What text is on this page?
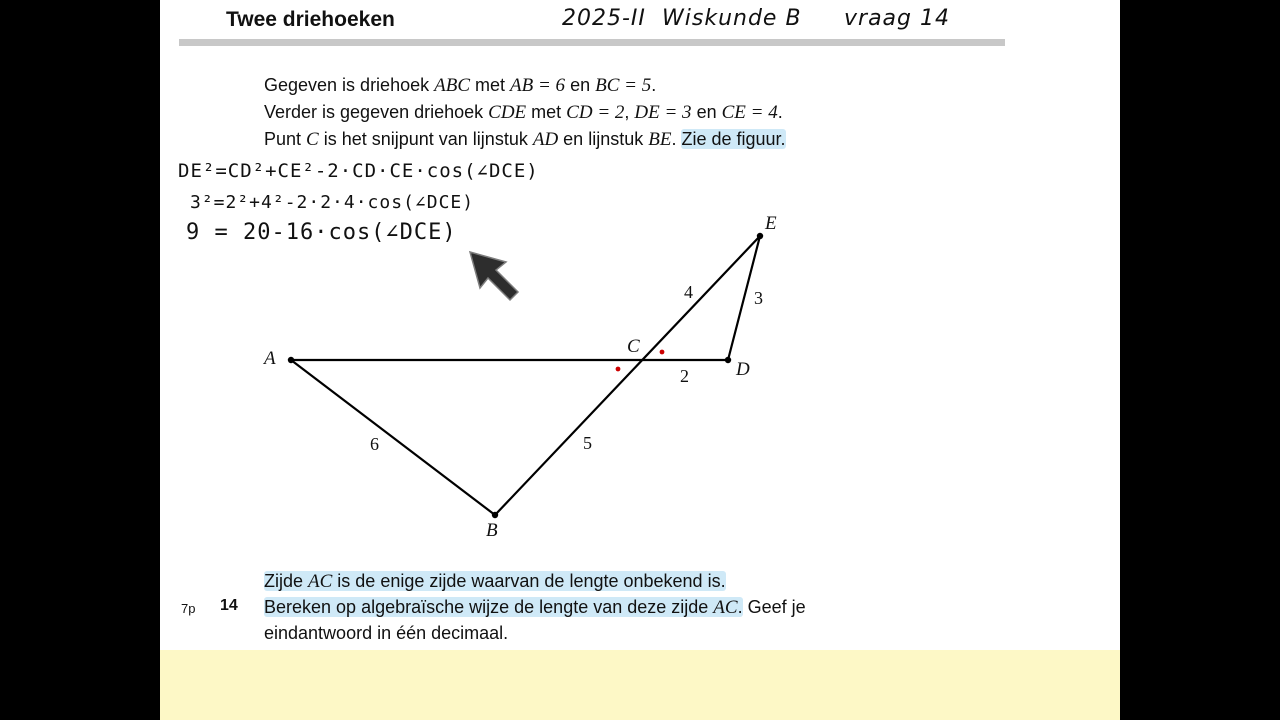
Twee driehoeken	2025-II Wiskunde B vraag 14
Gegeven is driehoek ABC met AB = 6 en BC = 5.
Verder is gegeven driehoek CDE met CD = 2, DE = 3 en CE = 4.
Punt C is het snijpunt van lijnstuk AD en lijnstuk BE. Zie de figuur.
DE²=CD²+CE²-2·CD·CE·cos(∠DCE)
3²=2²+4²-2·2·4·cos(∠DCE)
9 = 20-16·cos(∠DCE)
A
B
C
D
E
6	5
2
3
4
Zijde AC is de enige zijde waarvan de lengte onbekend is.
7p 14 Bereken op algebraïsche wijze de lengte van deze zijde AC. Geef je
eindantwoord in één decimaal.
